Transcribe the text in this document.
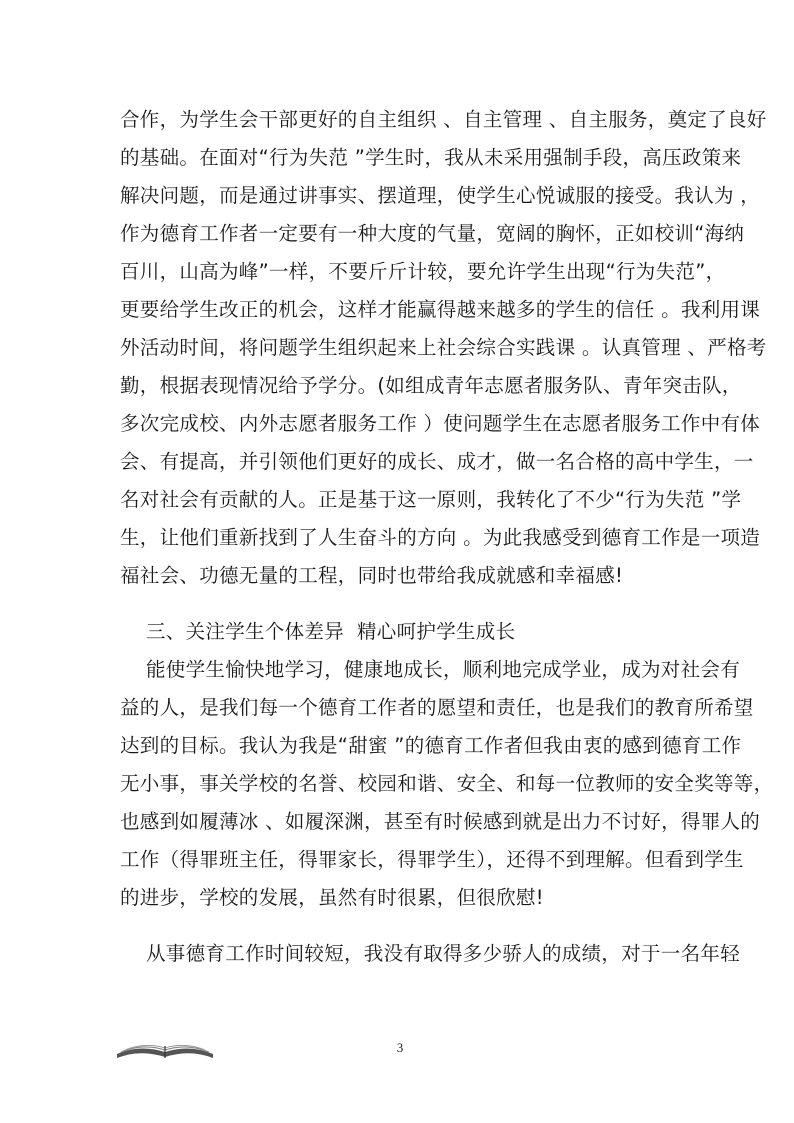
合作，为学生会干部更好的自主组织 、自主管理 、自主服务，奠定了良好
的基础。在面对“行为失范 ”学生时，我从未采用强制手段，高压政策来
解决问题，而是通过讲事实、摆道理，使学生心悦诚服的接受。我认为 ，
作为德育工作者一定要有一种大度的气量，宽阔的胸怀，正如校训“海纳
百川，山高为峰”一样，不要斤斤计较，要允许学生出现“行为失范”，
更要给学生改正的机会，这样才能赢得越来越多的学生的信任 。我利用课
外活动时间，将问题学生组织起来上社会综合实践课 。认真管理 、严格考
勤，根据表现情况给予学分。(如组成青年志愿者服务队、青年突击队，
多次完成校、内外志愿者服务工作 ）使问题学生在志愿者服务工作中有体
会、有提高，并引领他们更好的成长、成才，做一名合格的高中学生，一
名对社会有贡献的人。正是基于这一原则，我转化了不少“行为失范 ”学
生，让他们重新找到了人生奋斗的方向 。为此我感受到德育工作是一项造
福社会、功德无量的工程，同时也带给我成就感和幸福感!
三、关注学生个体差异  精心呵护学生成长
能使学生愉快地学习，健康地成长，顺利地完成学业，成为对社会有
益的人，是我们每一个德育工作者的愿望和责任，也是我们的教育所希望
达到的目标。我认为我是“甜蜜 ”的德育工作者但我由衷的感到德育工作
无小事，事关学校的名誉、校园和谐、安全、和每一位教师的安全奖等等，
也感到如履薄冰 、如履深渊，甚至有时候感到就是出力不讨好，得罪人的
工作（得罪班主任，得罪家长，得罪学生），还得不到理解。但看到学生
的进步，学校的发展，虽然有时很累，但很欣慰!
从事德育工作时间较短，我没有取得多少骄人的成绩，对于一名年轻
3
